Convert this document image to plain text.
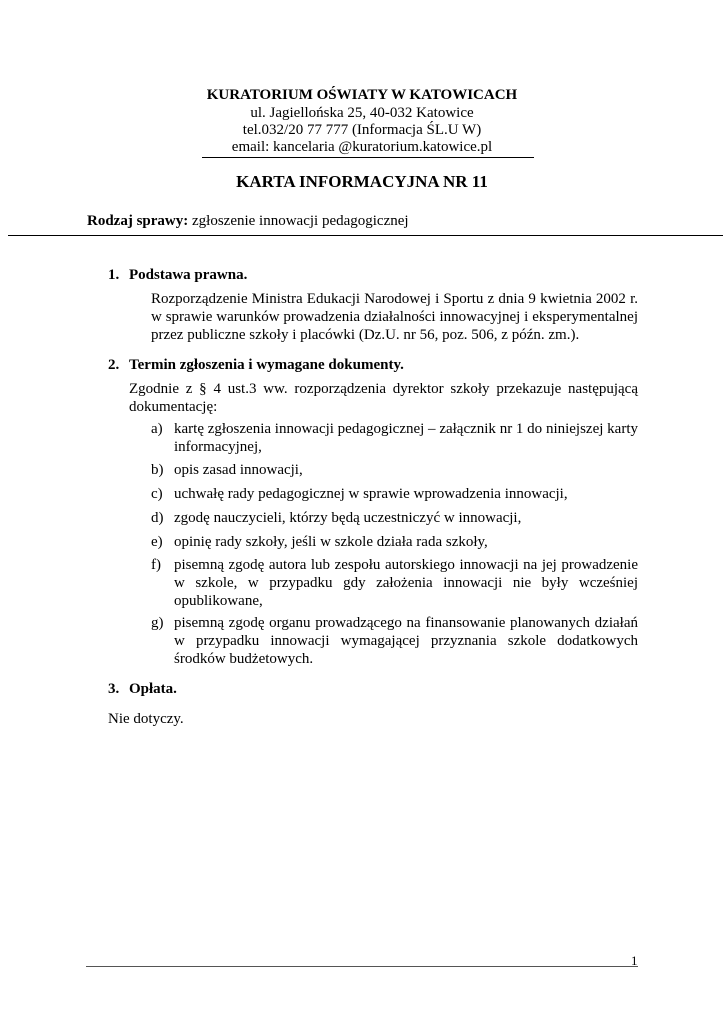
KURATORIUM OŚWIATY W KATOWICACH
ul. Jagiellońska 25, 40-032 Katowice
tel.032/20 77 777 (Informacja ŚL.U W)
email: kancelaria @kuratorium.katowice.pl
KARTA INFORMACYJNA NR 11
Rodzaj sprawy: zgłoszenie innowacji pedagogicznej
1. Podstawa prawna.
Rozporządzenie Ministra Edukacji Narodowej i Sportu z dnia 9 kwietnia 2002 r. w sprawie warunków prowadzenia działalności innowacyjnej i eksperymentalnej przez publiczne szkoły i placówki (Dz.U. nr 56, poz. 506, z późn. zm.).
2. Termin zgłoszenia i wymagane dokumenty.
Zgodnie z § 4 ust.3 ww. rozporządzenia dyrektor szkoły przekazuje następującą dokumentację:
a) kartę zgłoszenia innowacji pedagogicznej – załącznik nr 1 do niniejszej karty informacyjnej,
b) opis zasad innowacji,
c) uchwałę rady pedagogicznej w sprawie wprowadzenia innowacji,
d) zgodę nauczycieli, którzy będą uczestniczyć w innowacji,
e) opinię rady szkoły, jeśli w szkole działa rada szkoły,
f) pisemną zgodę autora lub zespołu autorskiego innowacji na jej prowadzenie w szkole, w przypadku gdy założenia innowacji nie były wcześniej opublikowane,
g) pisemną zgodę organu prowadzącego na finansowanie planowanych działań w przypadku innowacji wymagającej przyznania szkole dodatkowych środków budżetowych.
3. Opłata.
Nie dotyczy.
1
